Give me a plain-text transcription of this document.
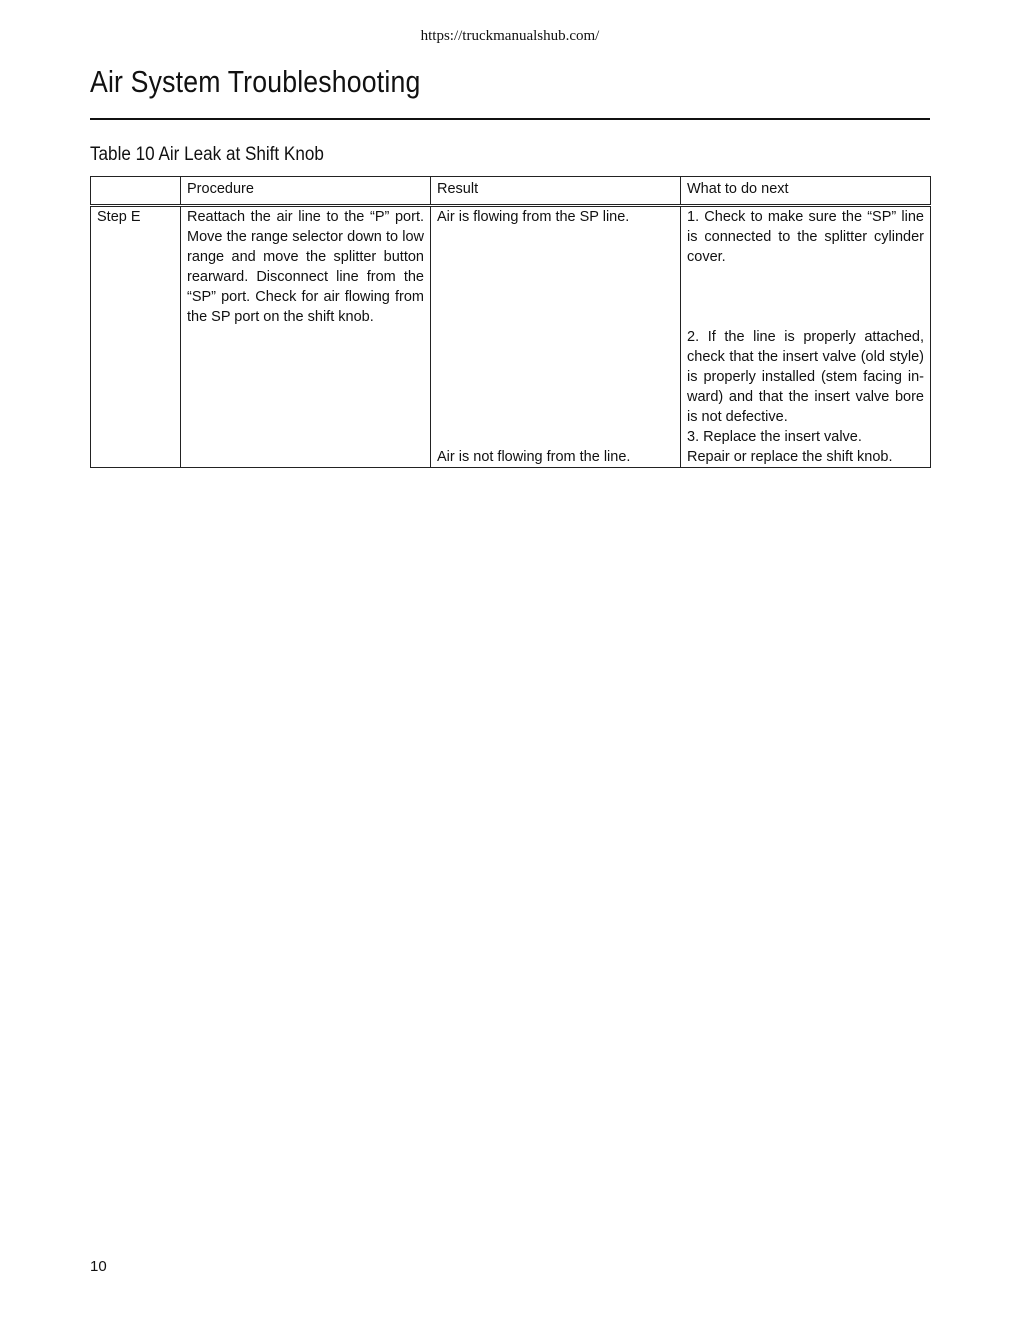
https://truckmanualshub.com/
Air System Troubleshooting
Table 10 Air Leak at Shift Knob
	Procedure	Result	What to do next

Step E	Reattach the air line to the “P” port. Move the range selector down to low range and move the splitter button rearward. Disconnect line from the “SP” port. Check for air flowing from the SP port on the shift knob.	Air is flowing from the SP line.	1. Check to make sure the “SP” line is connected to the splitter cylinder cover.

			2. If the line is properly attached, check that the insert valve (old style) is properly installed (stem facing in-ward) and that the insert valve bore is not defective.

			3. Replace the insert valve.

		Air is not flowing from the line.	Repair or replace the shift knob.
10
